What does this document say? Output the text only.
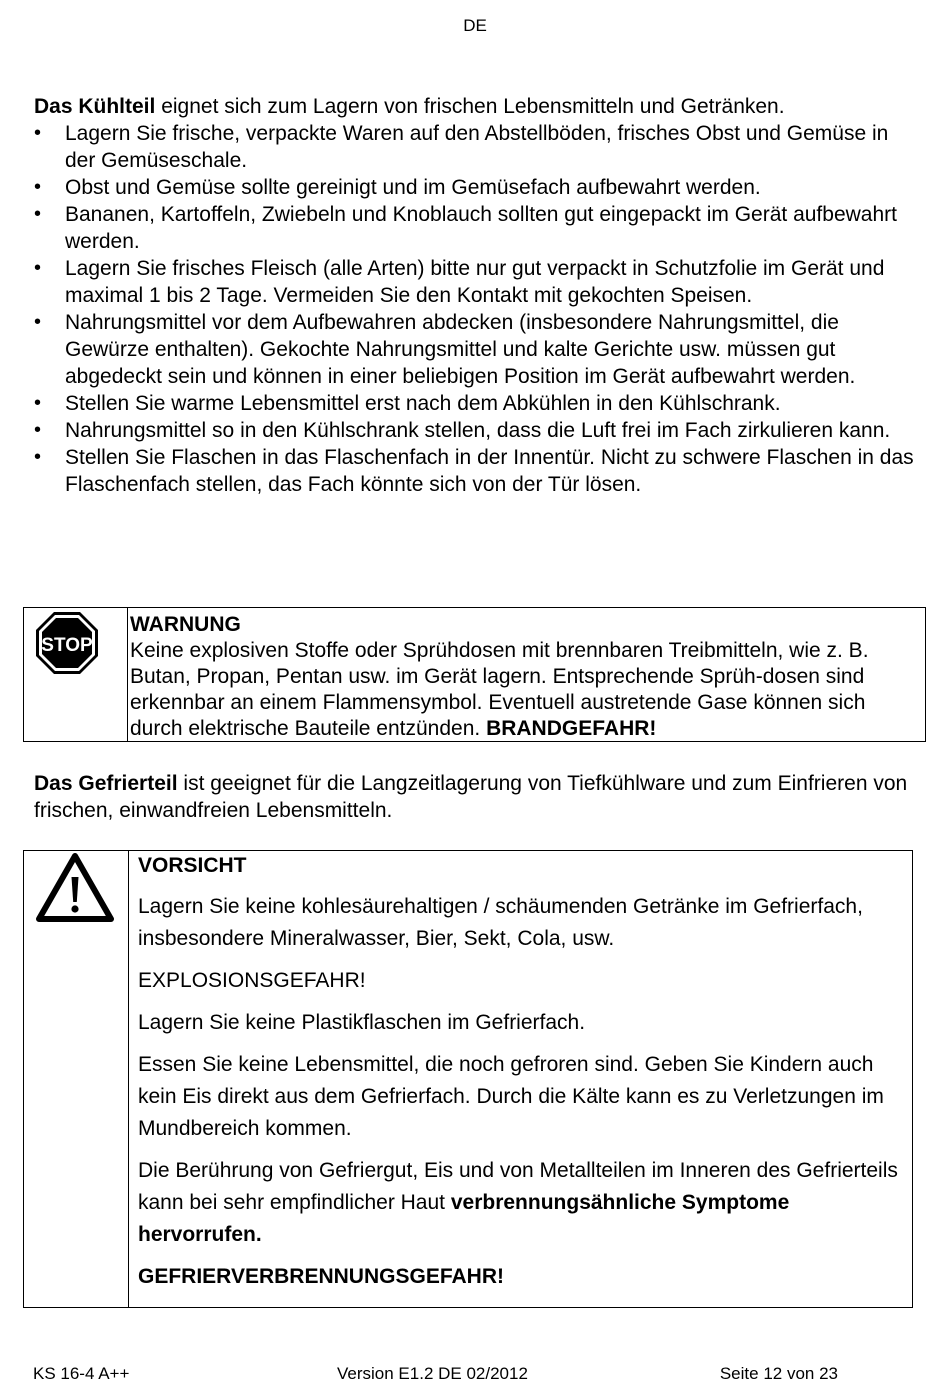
DE
Das Kühlteil eignet sich zum Lagern von frischen Lebensmitteln und Getränken.
• Lagern Sie frische, verpackte Waren auf den Abstellböden, frisches Obst und Gemüse in der Gemüseschale.
• Obst und Gemüse sollte gereinigt und im Gemüsefach aufbewahrt werden.
• Bananen, Kartoffeln, Zwiebeln und Knoblauch sollten gut eingepackt im Gerät aufbewahrt werden.
• Lagern Sie frisches Fleisch (alle Arten) bitte nur gut verpackt in Schutzfolie im Gerät und maximal 1 bis 2 Tage. Vermeiden Sie den Kontakt mit gekochten Speisen.
• Nahrungsmittel vor dem Aufbewahren abdecken (insbesondere Nahrungsmittel, die Gewürze enthalten). Gekochte Nahrungsmittel und kalte Gerichte usw. müssen gut abgedeckt sein und können in einer beliebigen Position im Gerät aufbewahrt werden.
• Stellen Sie warme Lebensmittel erst nach dem Abkühlen in den Kühlschrank.
• Nahrungsmittel so in den Kühlschrank stellen, dass die Luft frei im Fach zirkulieren kann.
• Stellen Sie Flaschen in das Flaschenfach in der Innentür. Nicht zu schwere Flaschen in das Flaschenfach stellen, das Fach könnte sich von der Tür lösen.
STOP
WARNUNG
Keine explosiven Stoffe oder Sprühdosen mit brennbaren Treibmitteln, wie z. B. Butan, Propan, Pentan usw. im Gerät lagern. Entsprechende Sprüh-dosen sind erkennbar an einem Flammensymbol. Eventuell austretende Gase können sich durch elektrische Bauteile entzünden. BRANDGEFAHR!
Das Gefrierteil ist geeignet für die Langzeitlagerung von Tiefkühlware und zum Einfrieren von frischen, einwandfreien Lebensmitteln.

VORSICHT

Lagern Sie keine kohlesäurehaltigen / schäumenden Getränke im Gefrierfach, insbesondere Mineralwasser, Bier, Sekt, Cola, usw.

EXPLOSIONSGEFAHR!

Lagern Sie keine Plastikflaschen im Gefrierfach.

Essen Sie keine Lebensmittel, die noch gefroren sind. Geben Sie Kindern auch kein Eis direkt aus dem Gefrierfach. Durch die Kälte kann es zu Verletzungen im Mundbereich kommen.

Die Berührung von Gefriergut, Eis und von Metallteilen im Inneren des Gefrierteils kann bei sehr empfindlicher Haut verbrennungsähnliche Symptome hervorrufen.

GEFRIERVERBRENNUNGSGEFAHR!

KS 16-4 A++	Version E1.2 DE 02/2012	Seite 12 von 23
